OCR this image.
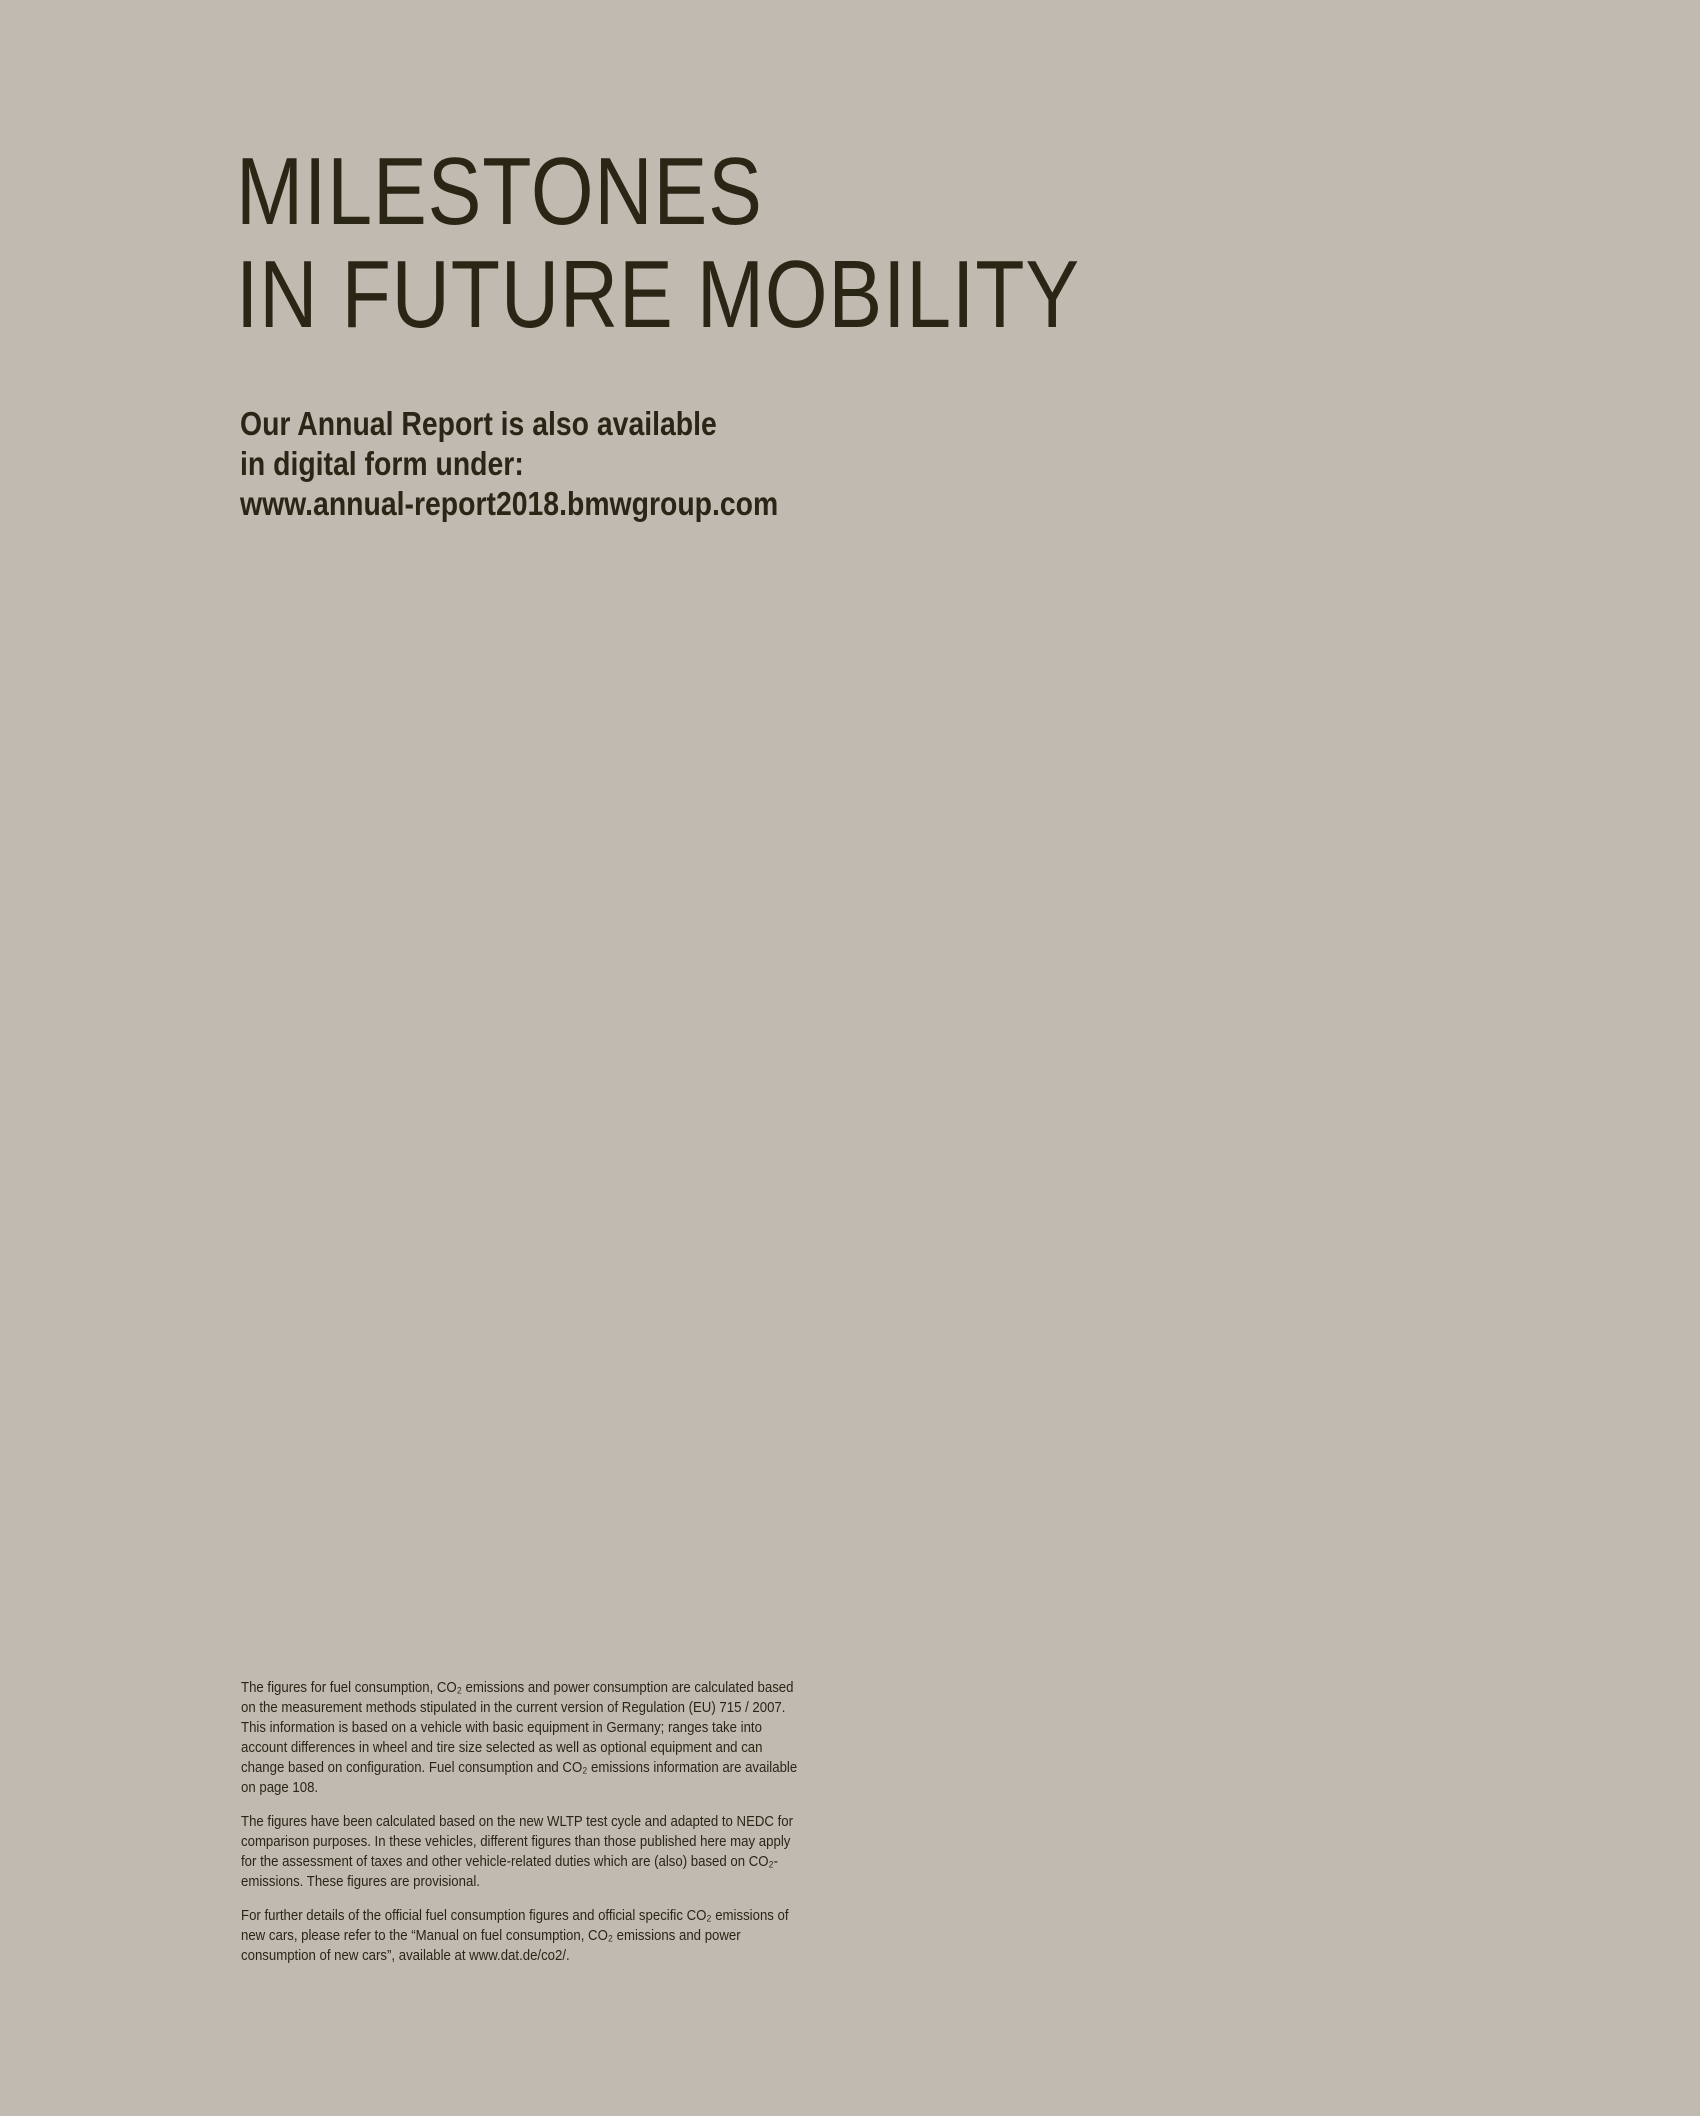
MILESTONES
IN FUTURE MOBILITY
Our Annual Report is also available
in digital form under:
www.annual-report2018.bmwgroup.com

The figures for fuel consumption, CO₂ emissions and power consumption are calculated based on the measurement methods stipulated in the current version of Regulation (EU) 715 / 2007. This information is based on a vehicle with basic equipment in Germany; ranges take into account differences in wheel and tire size selected as well as optional equipment and can change based on configuration. Fuel consumption and CO₂ emissions information are available on page 108.

The figures have been calculated based on the new WLTP test cycle and adapted to NEDC for comparison purposes. In these vehicles, different figures than those published here may apply for the assessment of taxes and other vehicle-related duties which are (also) based on CO₂-emissions. These figures are provisional.

For further details of the official fuel consumption figures and official specific CO₂ emissions of new cars, please refer to the “Manual on fuel consumption, CO₂ emissions and power consumption of new cars”, available at www.dat.de/co2/.
